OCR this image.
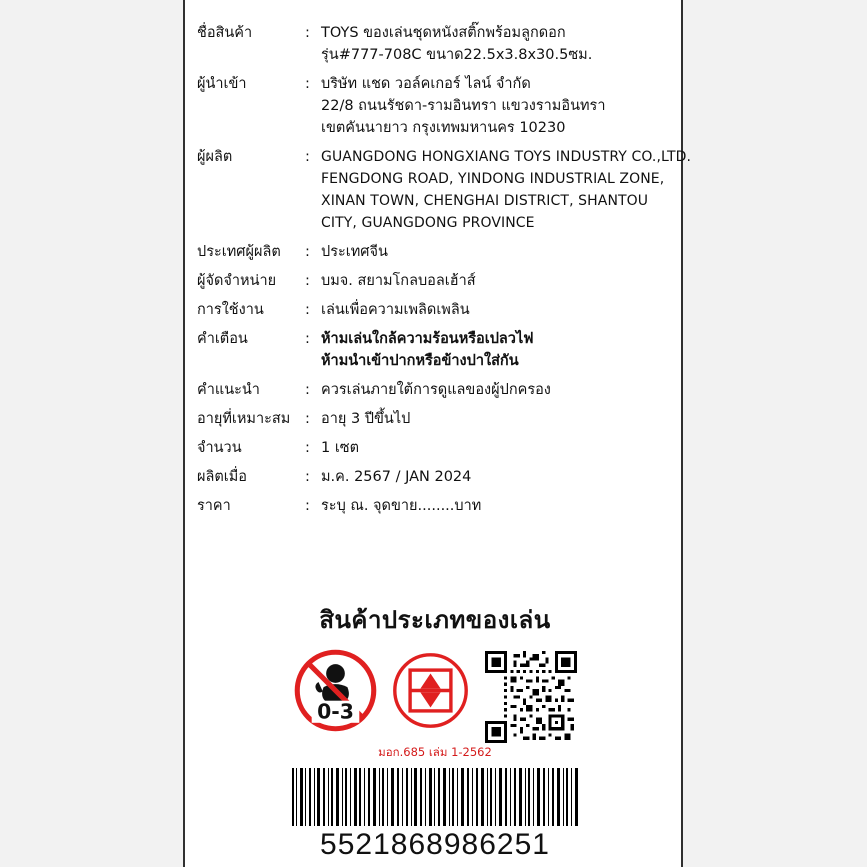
ชื่อสินค้า	: TOYS ของเล่นชุดหนังสติ๊กพร้อมลูกดอก
รุ่น#777-708C ขนาด22.5x3.8x30.5ซม.
ผู้นำเข้า	: บริษัท แชด วอล์คเกอร์ ไลน์ จำกัด
22/8 ถนนรัชดา-รามอินทรา แขวงรามอินทรา
เขตคันนายาว กรุงเทพมหานคร 10230
ผู้ผลิต	: GUANGDONG HONGXIANG TOYS INDUSTRY CO.,LTD.
FENGDONG ROAD, YINDONG INDUSTRIAL ZONE,
XINAN TOWN, CHENGHAI DISTRICT, SHANTOU
CITY, GUANGDONG PROVINCE
ประเทศผู้ผลิต	: ประเทศจีน
ผู้จัดจำหน่าย	: บมจ. สยามโกลบอลเฮ้าส์
การใช้งาน	: เล่นเพื่อความเพลิดเพลิน
คำเตือน	: ห้ามเล่นใกล้ความร้อนหรือเปลวไฟ
ห้ามนำเข้าปากหรือข้างปาใส่กัน
คำแนะนำ	: ควรเล่นภายใต้การดูแลของผู้ปกครอง
อายุที่เหมาะสม	: อายุ 3 ปีขึ้นไป
จำนวน	: 1 เซต
ผลิตเมื่อ	: ม.ค. 2567 / JAN 2024
ราคา	: ระบุ ณ. จุดขาย........บาท
สินค้าประเภทของเล่น
0-3
มอก.685 เล่ม 1-2562
5521868986251
